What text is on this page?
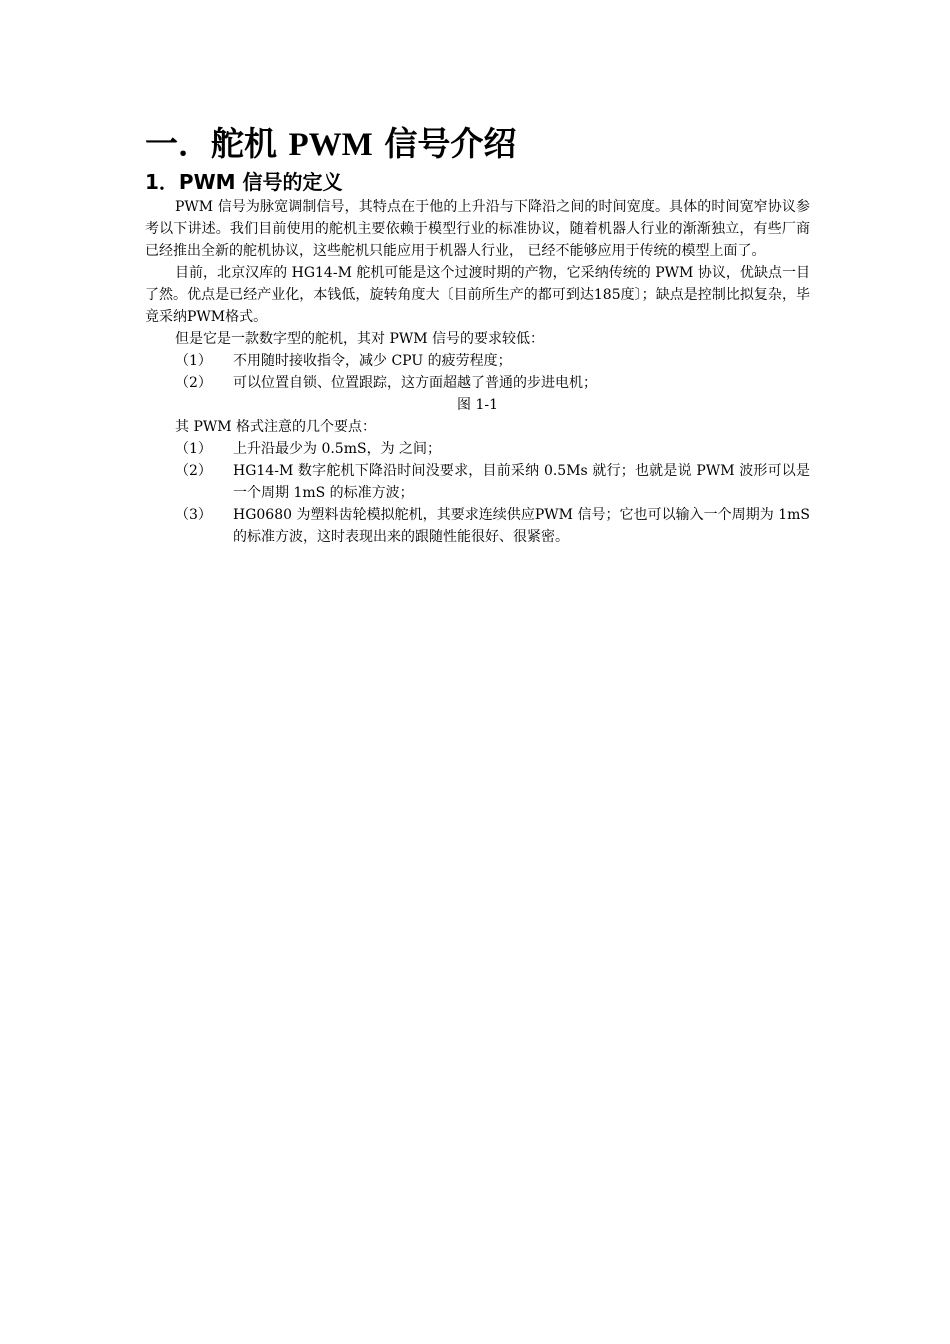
一．舵机 PWM 信号介绍
1．PWM 信号的定义

PWM 信号为脉宽调制信号，其特点在于他的上升沿与下降沿之间的时间宽度。具体的时间宽窄协议参考以下讲述。我们目前使用的舵机主要依赖于模型行业的标准协议，随着机器人行业的渐渐独立，有些厂商已经推出全新的舵机协议，这些舵机只能应用于机器人行业， 已经不能够应用于传统的模型上面了。

目前，北京汉库的 HG14-M 舵机可能是这个过渡时期的产物，它采纳传统的 PWM 协议，优缺点一目了然。优点是已经产业化，本钱低，旋转角度大〔目前所生产的都可到达185度〕；缺点是控制比拟复杂，毕竟采纳PWM格式。

但是它是一款数字型的舵机，其对 PWM 信号的要求较低：

（1）	不用随时接收指令，减少 CPU 的疲劳程度；
（2）	可以位置自锁、位置跟踪，这方面超越了普通的步进电机；

图 1-1

其 PWM 格式注意的几个要点：

（1）	上升沿最少为 0.5mS，为 之间；
（2）	HG14-M 数字舵机下降沿时间没要求，目前采纳 0.5Ms 就行；也就是说 PWM 波形可以是一个周期 1mS 的标准方波；
（3）	HG0680 为塑料齿轮模拟舵机，其要求连续供应PWM 信号；它也可以输入一个周期为 1mS 的标准方波，这时表现出来的跟随性能很好、很紧密。
